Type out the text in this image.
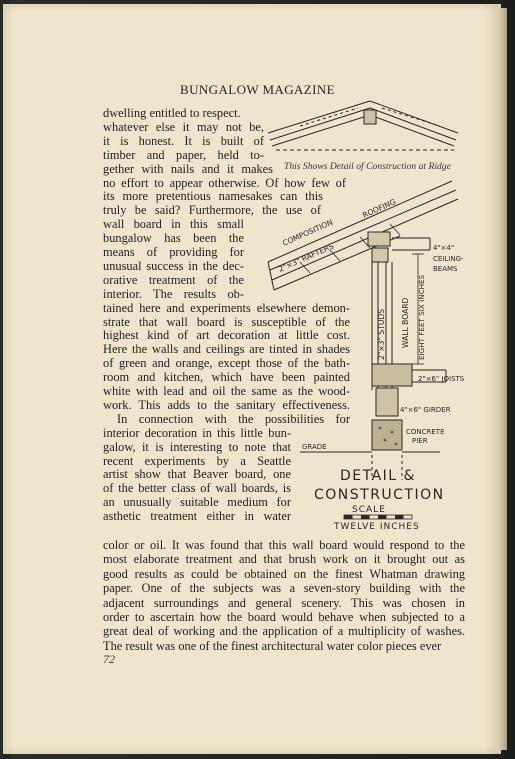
BUNGALOW MAGAZINE
This Shows Detail of Construction at Ridge
ROOFING
COMPOSITION
2"×3" RAFTERS	4"×4"
CEILING-
BEAMS
WALL BOARD
2"×3" STUDS	EIGHT FEET SIX INCHES
2"×6" JOISTS
4"×6" GIRDER
CONCRETE
PIER
GRADE
DETAIL &
CONSTRUCTION
SCALE
TWELVE INCHES
dwelling entitled to respect.
whatever else it may not be,
it is honest. It is built of
timber and paper, held to-
gether with nails and it makes
no effort to appear otherwise. Of how few of
its more pretentious namesakes can this
truly be said? Furthermore, the use of
wall board in this small
bungalow has been the
means of providing for
unusual success in the dec-
orative treatment of the
interior. The results ob-
tained here and experiments elsewhere demon-
strate that wall board is susceptible of the
highest kind of art decoration at little cost.
Here the walls and ceilings are tinted in shades
of green and orange, except those of the bath-
room and kitchen, which have been painted
white with lead and oil the same as the wood-
work. This adds to the sanitary effectiveness.
In connection with the possibilities for
interior decoration in this little bun-
galow, it is interesting to note that
recent experiments by a Seattle
artist show that Beaver board, one
of the better class of wall boards, is
an unusually suitable medium for
asthetic treatment either in water
color or oil. It was found that this wall board would respond to the
most elaborate treatment and that brush work on it brought out as
good results as could be obtained on the finest Whatman drawing
paper. One of the subjects was a seven-story building with the
adjacent surroundings and general scenery. This was chosen in
order to ascertain how the board would behave when subjected to a
great deal of working and the application of a multiplicity of washes.
The result was one of the finest architectural water color pieces ever
72
